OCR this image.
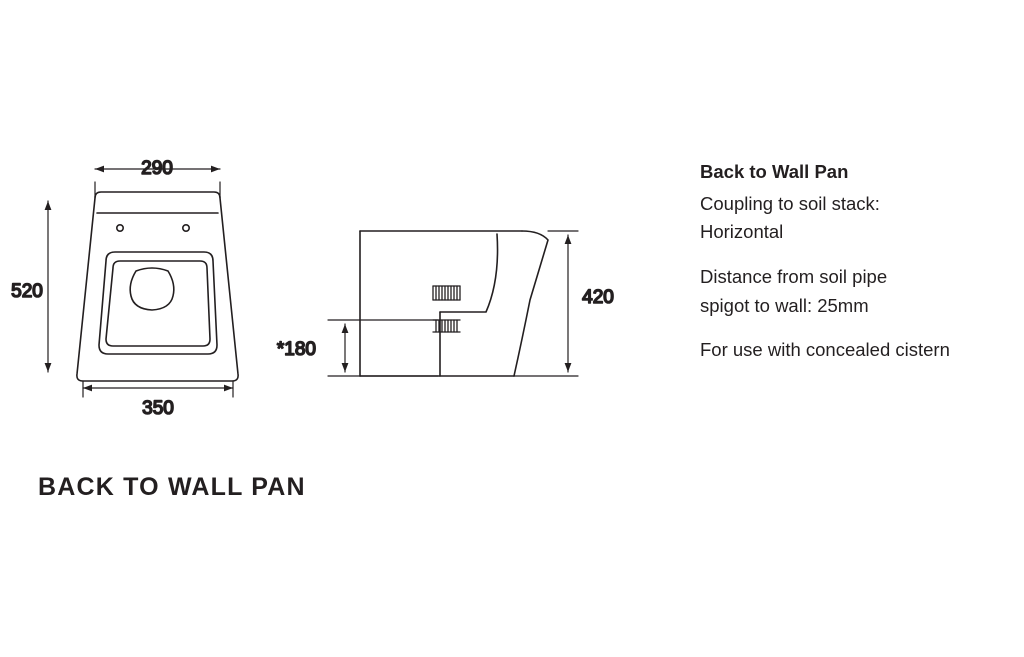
290
350
520
*180
420
BACK TO WALL PAN
Back to Wall Pan
Coupling to soil stack:
Horizontal
Distance from soil pipe
spigot to wall: 25mm
For use with concealed cistern
